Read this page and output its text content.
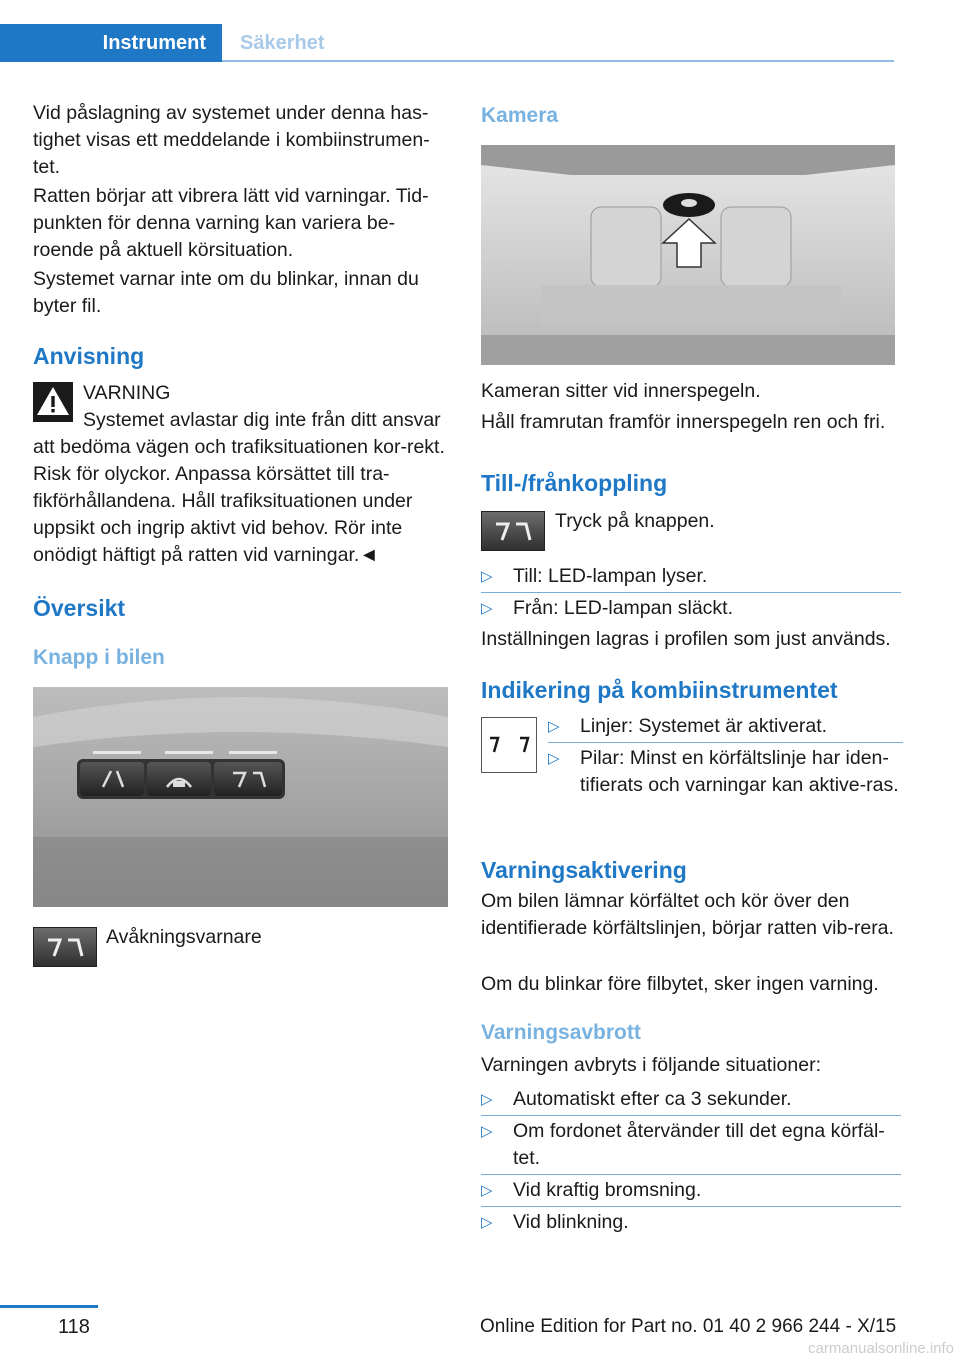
Instrument	Säkerhet

Vid påslagning av systemet under denna has-tighet visas ett meddelande i kombiinstrumen-tet.

Ratten börjar att vibrera lätt vid varningar. Tid-punkten för denna varning kan variera be-roende på aktuell körsituation.

Systemet varnar inte om du blinkar, innan du byter fil.

Anvisning
VARNING
Systemet avlastar dig inte från ditt ansvar

att bedöma vägen och trafiksituationen kor-rekt. Risk för olyckor. Anpassa körsättet till tra-fikförhållandena. Håll trafiksituationen under uppsikt och ingrip aktivt vid behov. Rör inte onödigt häftigt på ratten vid varningar.◄

Översikt
Knapp i bilen
Avåkningsvarnare
Kamera

Kameran sitter vid innerspegeln.

Håll framrutan framför innerspegeln ren och fri.

Till-/frånkoppling
Tryck på knappen.
▷ Till: LED-lampan lyser.
▷ Från: LED-lampan släckt.

Inställningen lagras i profilen som just används.

Indikering på kombiinstrumentet
▷ Linjer: Systemet är aktiverat.
▷ Pilar: Minst en körfältslinje har iden-tifierats och varningar kan aktive-ras.
Varningsaktivering

Om bilen lämnar körfältet och kör över den identifierade körfältslinjen, börjar ratten vib-rera.

Om du blinkar före filbytet, sker ingen varning.

Varningsavbrott

Varningen avbryts i följande situationer:

▷ Automatiskt efter ca 3 sekunder.
▷ Om fordonet återvänder till det egna körfäl-tet.
▷ Vid kraftig bromsning.
▷ Vid blinkning.
118	Online Edition for Part no. 01 40 2 966 244 - X/15
carmanualsonline.info
